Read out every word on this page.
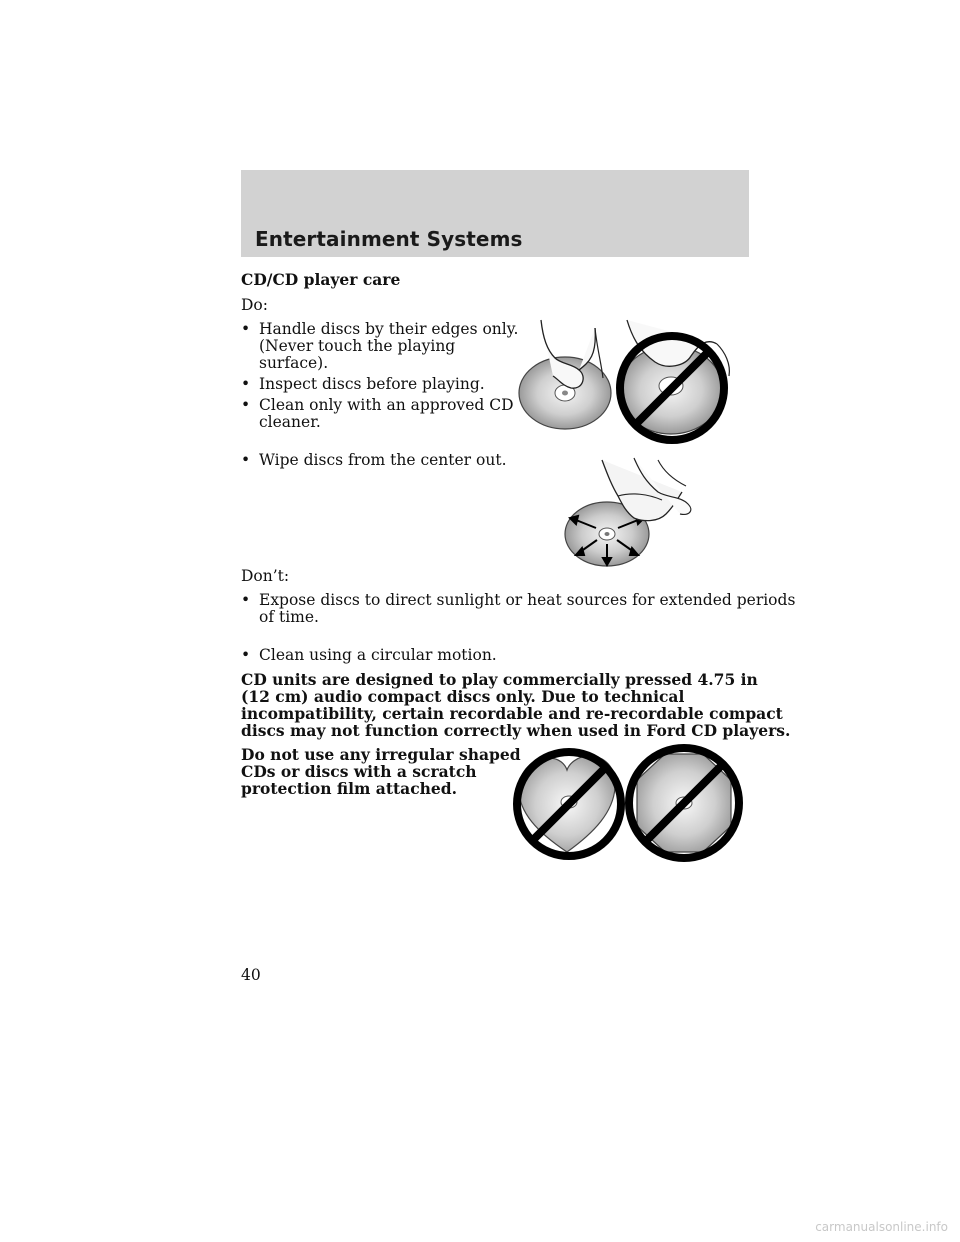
Entertainment Systems
CD/CD player care
Do:
• Handle discs by their edges only.
(Never touch the playing
surface).
• Inspect discs before playing.
• Clean only with an approved CD
cleaner.
• Wipe discs from the center out.
Don’t:
• Expose discs to direct sunlight or heat sources for extended periods
of time.
• Clean using a circular motion.
CD units are designed to play commercially pressed 4.75 in
(12 cm) audio compact discs only. Due to technical
incompatibility, certain recordable and re-recordable compact
discs may not function correctly when used in Ford CD players.
Do not use any irregular shaped
CDs or discs with a scratch
protection film attached.
40
carmanualsonline.info
